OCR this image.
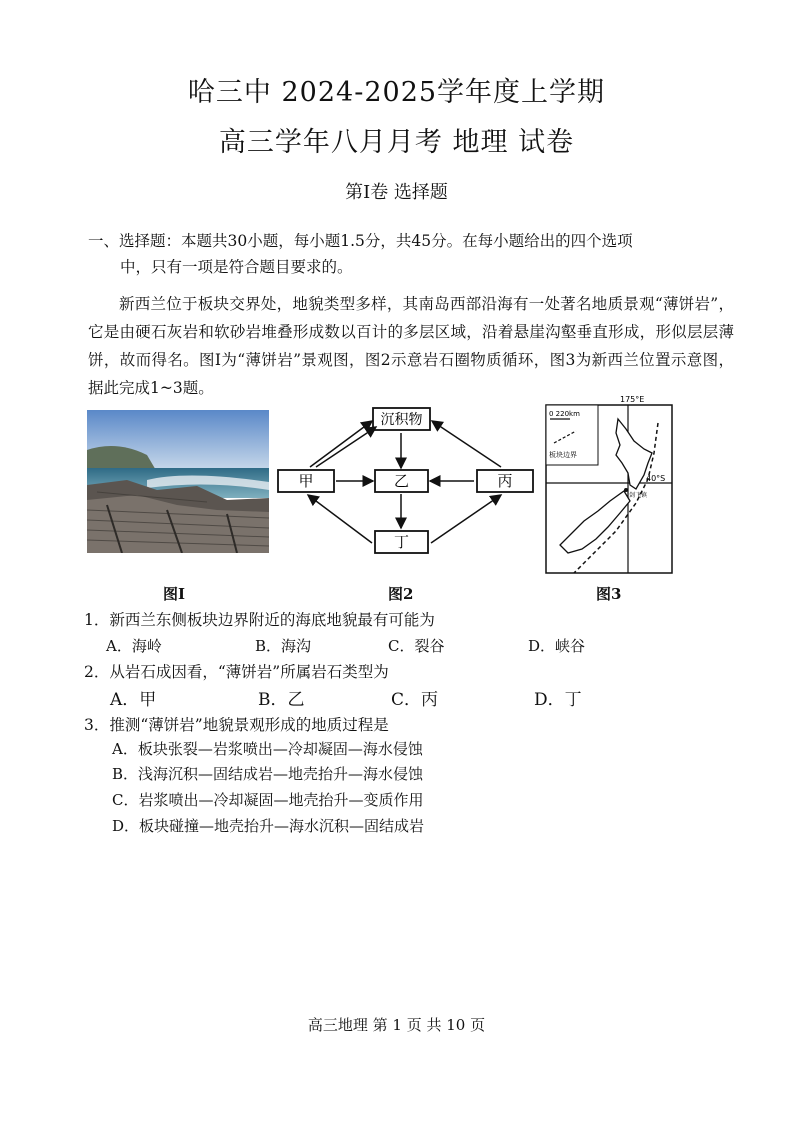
哈三中 2024-2025学年度上学期
高三学年八月月考 地理 试卷
第Ⅰ卷 选择题
一、选择题：本题共30小题，每小题1.5分，共45分。在每小题给出的四个选项
中，只有一项是符合题目要求的。
新西兰位于板块交界处，地貌类型多样，其南岛西部沿海有一处著名地质景观“薄饼岩”，它是由硬石灰岩和软砂岩堆叠形成数以百计的多层区域，沿着悬崖沟壑垂直形成，形似层层薄饼，故而得名。图Ⅰ为“薄饼岩”景观图，图2示意岩石圈物质循环，图3为新西兰位置示意图，据此完成1~3题。
沉积物
甲	乙	丙
丁
175°E
40°S
0 220km
板块边界
剑飞镇
图Ⅰ	图2	图3
1．新西兰东侧板块边界附近的海底地貌最有可能为
A．海岭	B．海沟	C．裂谷	D．峡谷
2．从岩石成因看，“薄饼岩”所属岩石类型为
A．甲	B．乙	C．丙	D．丁
3．推测“薄饼岩”地貌景观形成的地质过程是
A．板块张裂—岩浆喷出—冷却凝固—海水侵蚀
B．浅海沉积—固结成岩—地壳抬升—海水侵蚀
C．岩浆喷出—冷却凝固—地壳抬升—变质作用
D．板块碰撞—地壳抬升—海水沉积—固结成岩
高三地理 第 1 页 共 10 页
